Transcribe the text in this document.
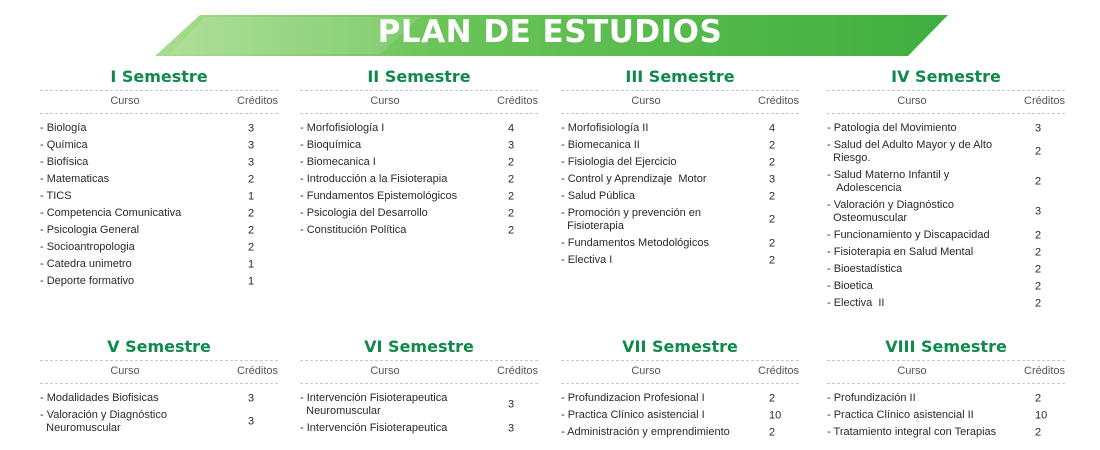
PLAN DE ESTUDIOS
I Semestre
Curso	Créditos
- Biología	3
- Química	3
- Biofísica	3
- Matematicas	2
- TICS	1
- Competencia Comunicativa	2
- Psicologia General	2
- Socioantropologia	2
- Catedra unimetro	1
- Deporte formativo	1
II Semestre
Curso	Créditos
- Morfofisiología I	4
- Bioquímica	3
- Biomecanica I	2
- Introducción a la Fisioterapia	2
- Fundamentos Epistemológicos	2
- Psicologia del Desarrollo	2
- Constitución Política	2
III Semestre
Curso	Créditos
- Morfofisiología II	4
- Biomecanica II	2
- Fisiologia del Ejercicio	2
- Control y Aprendizaje  Motor	3
- Salud Pública	2
- Promoción y prevención en
Fisioterapia
2
- Fundamentos Metodológicos	2
- Electiva I	2
IV Semestre
Curso	Créditos
- Patologia del Movimiento	3
- Salud del Adulto Mayor y de Alto
Riesgo.
2
- Salud Materno Infantil y
Adolescencia
2
- Valoración y Diagnóstico
Osteomuscular
3
- Funcionamiento y Discapacidad	2
- Fisioterapia en Salud Mental	2
- Bioestadística	2
- Bioetica	2
- Electiva  II	2
V Semestre
Curso	Créditos
- Modalidades Biofisicas	3
- Valoración y Diagnóstico
Neuromuscular
3
VI Semestre
Curso	Créditos
- Intervención Fisioterapeutica
Neuromuscular
3
- Intervención Fisioterapeutica	3
VII Semestre
Curso	Créditos
- Profundizacion Profesional I	2
- Practica Clínico asistencial I	10
- Administración y emprendimiento	2
VIII Semestre
Curso	Créditos
- Profundización II	2
- Practica Clínico asistencial II	10
- Tratamiento integral con Terapias	2
